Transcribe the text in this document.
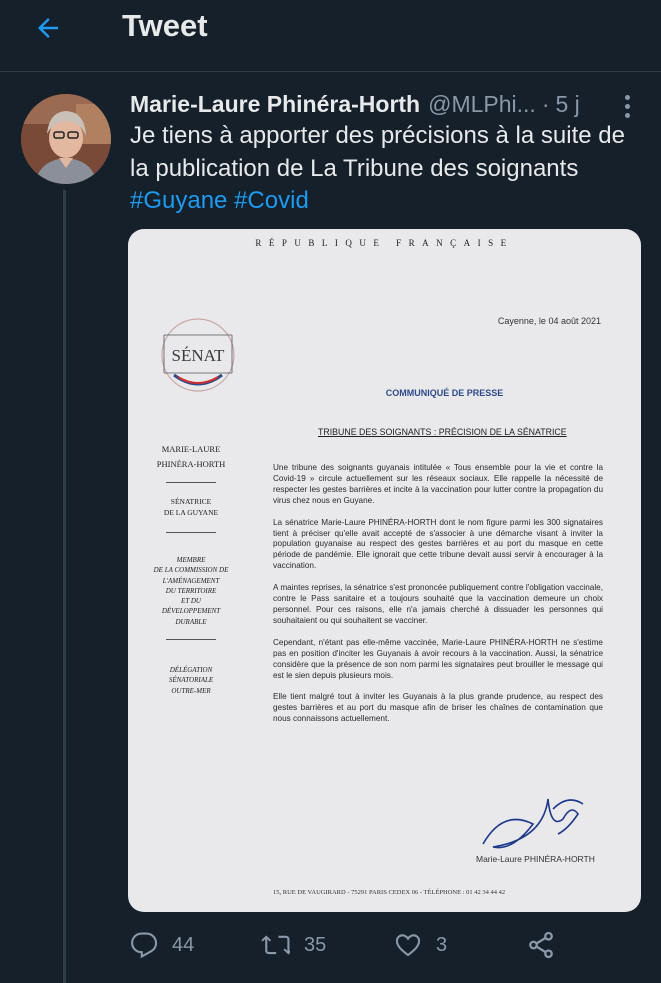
Tweet
Marie-Laure Phinéra-Horth @MLPhi... · 5 j
Je tiens à apporter des précisions à la suite de la publication de La Tribune des soignants
#Guyane #Covid
RÉPUBLIQUE FRANÇAISE
Cayenne, le 04 août 2021
SÉNAT
COMMUNIQUÉ DE PRESSE
TRIBUNE DES SOIGNANTS : PRÉCISION DE LA SÉNATRICE
MARIE-LAURE
PHINÉRA-HORTH
SÉNATRICE
DE LA GUYANE
MEMBRE
DE LA COMMISSION DE
L'AMÉNAGEMENT
DU TERRITOIRE
ET DU
DÉVELOPPEMENT
DURABLE
DÉLÉGATION
SÉNATORIALE
OUTRE-MER

Une tribune des soignants guyanais intitulée « Tous ensemble pour la vie et contre la Covid-19 » circule actuellement sur les réseaux sociaux. Elle rappelle la nécessité de respecter les gestes barrières et incite à la vaccination pour lutter contre la propagation du virus chez nous en Guyane.

La sénatrice Marie-Laure PHINÉRA-HORTH dont le nom figure parmi les 300 signataires tient à préciser qu'elle avait accepté de s'associer à une démarche visant à inviter la population guyanaise au respect des gestes barrières et au port du masque en cette période de pandémie. Elle ignorait que cette tribune devait aussi servir à encourager à la vaccination.

A maintes reprises, la sénatrice s'est prononcée publiquement contre l'obligation vaccinale, contre le Pass sanitaire et a toujours souhaité que la vaccination demeure un choix personnel. Pour ces raisons, elle n'a jamais cherché à dissuader les personnes qui souhaitaient ou qui souhaitent se vacciner.

Cependant, n'étant pas elle-même vaccinée, Marie-Laure PHINÉRA-HORTH ne s'estime pas en position d'inciter les Guyanais à avoir recours à la vaccination. Aussi, la sénatrice considère que la présence de son nom parmi les signataires peut brouiller le message qui est le sien depuis plusieurs mois.

Elle tient malgré tout à inviter les Guyanais à la plus grande prudence, au respect des gestes barrières et au port du masque afin de briser les chaînes de contamination que nous connaissons actuellement.

Marie-Laure PHINÉRA-HORTH
15, RUE DE VAUGIRARD - 75291 PARIS CEDEX 06 - TÉLÉPHONE : 01 42 34 44 42
44	35	3
